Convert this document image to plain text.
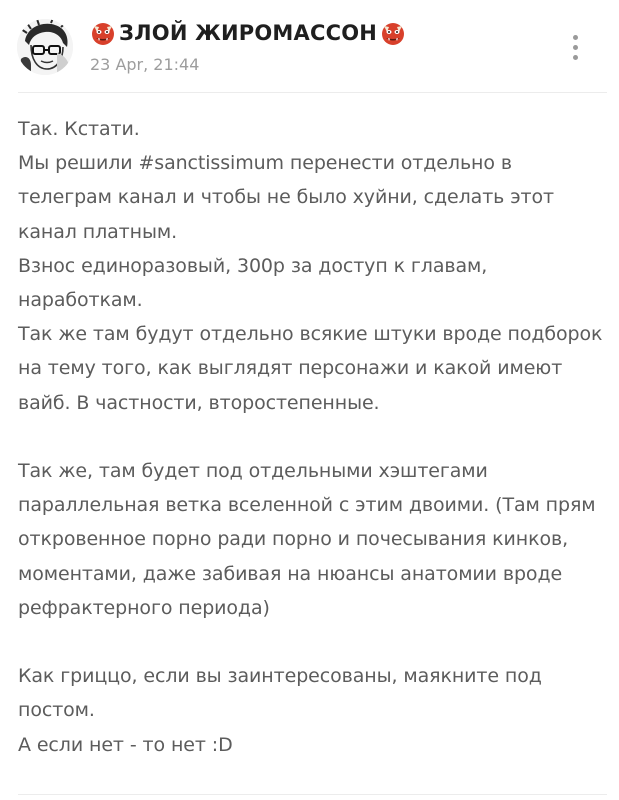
ЗЛОЙ ЖИРОМАССОН
23 Apr, 21:44

Так. Кстати.

Мы решили #sanctissimum перенести отдельно в телеграм канал и чтобы не было хуйни, сделать этот канал платным.

Взнос единоразовый, 300р за доступ к главам, наработкам.

Так же там будут отдельно всякие штуки вроде подборок на тему того, как выглядят персонажи и какой имеют вайб. В частности, второстепенные.

Так же, там будет под отдельными хэштегами параллельная ветка вселенной с этим двоими. (Там прям откровенное порно ради порно и почесывания кинков, моментами, даже забивая на нюансы анатомии вроде рефрактерного периода)

Как гриццо, если вы заинтересованы, маякните под постом.

А если нет - то нет :D
